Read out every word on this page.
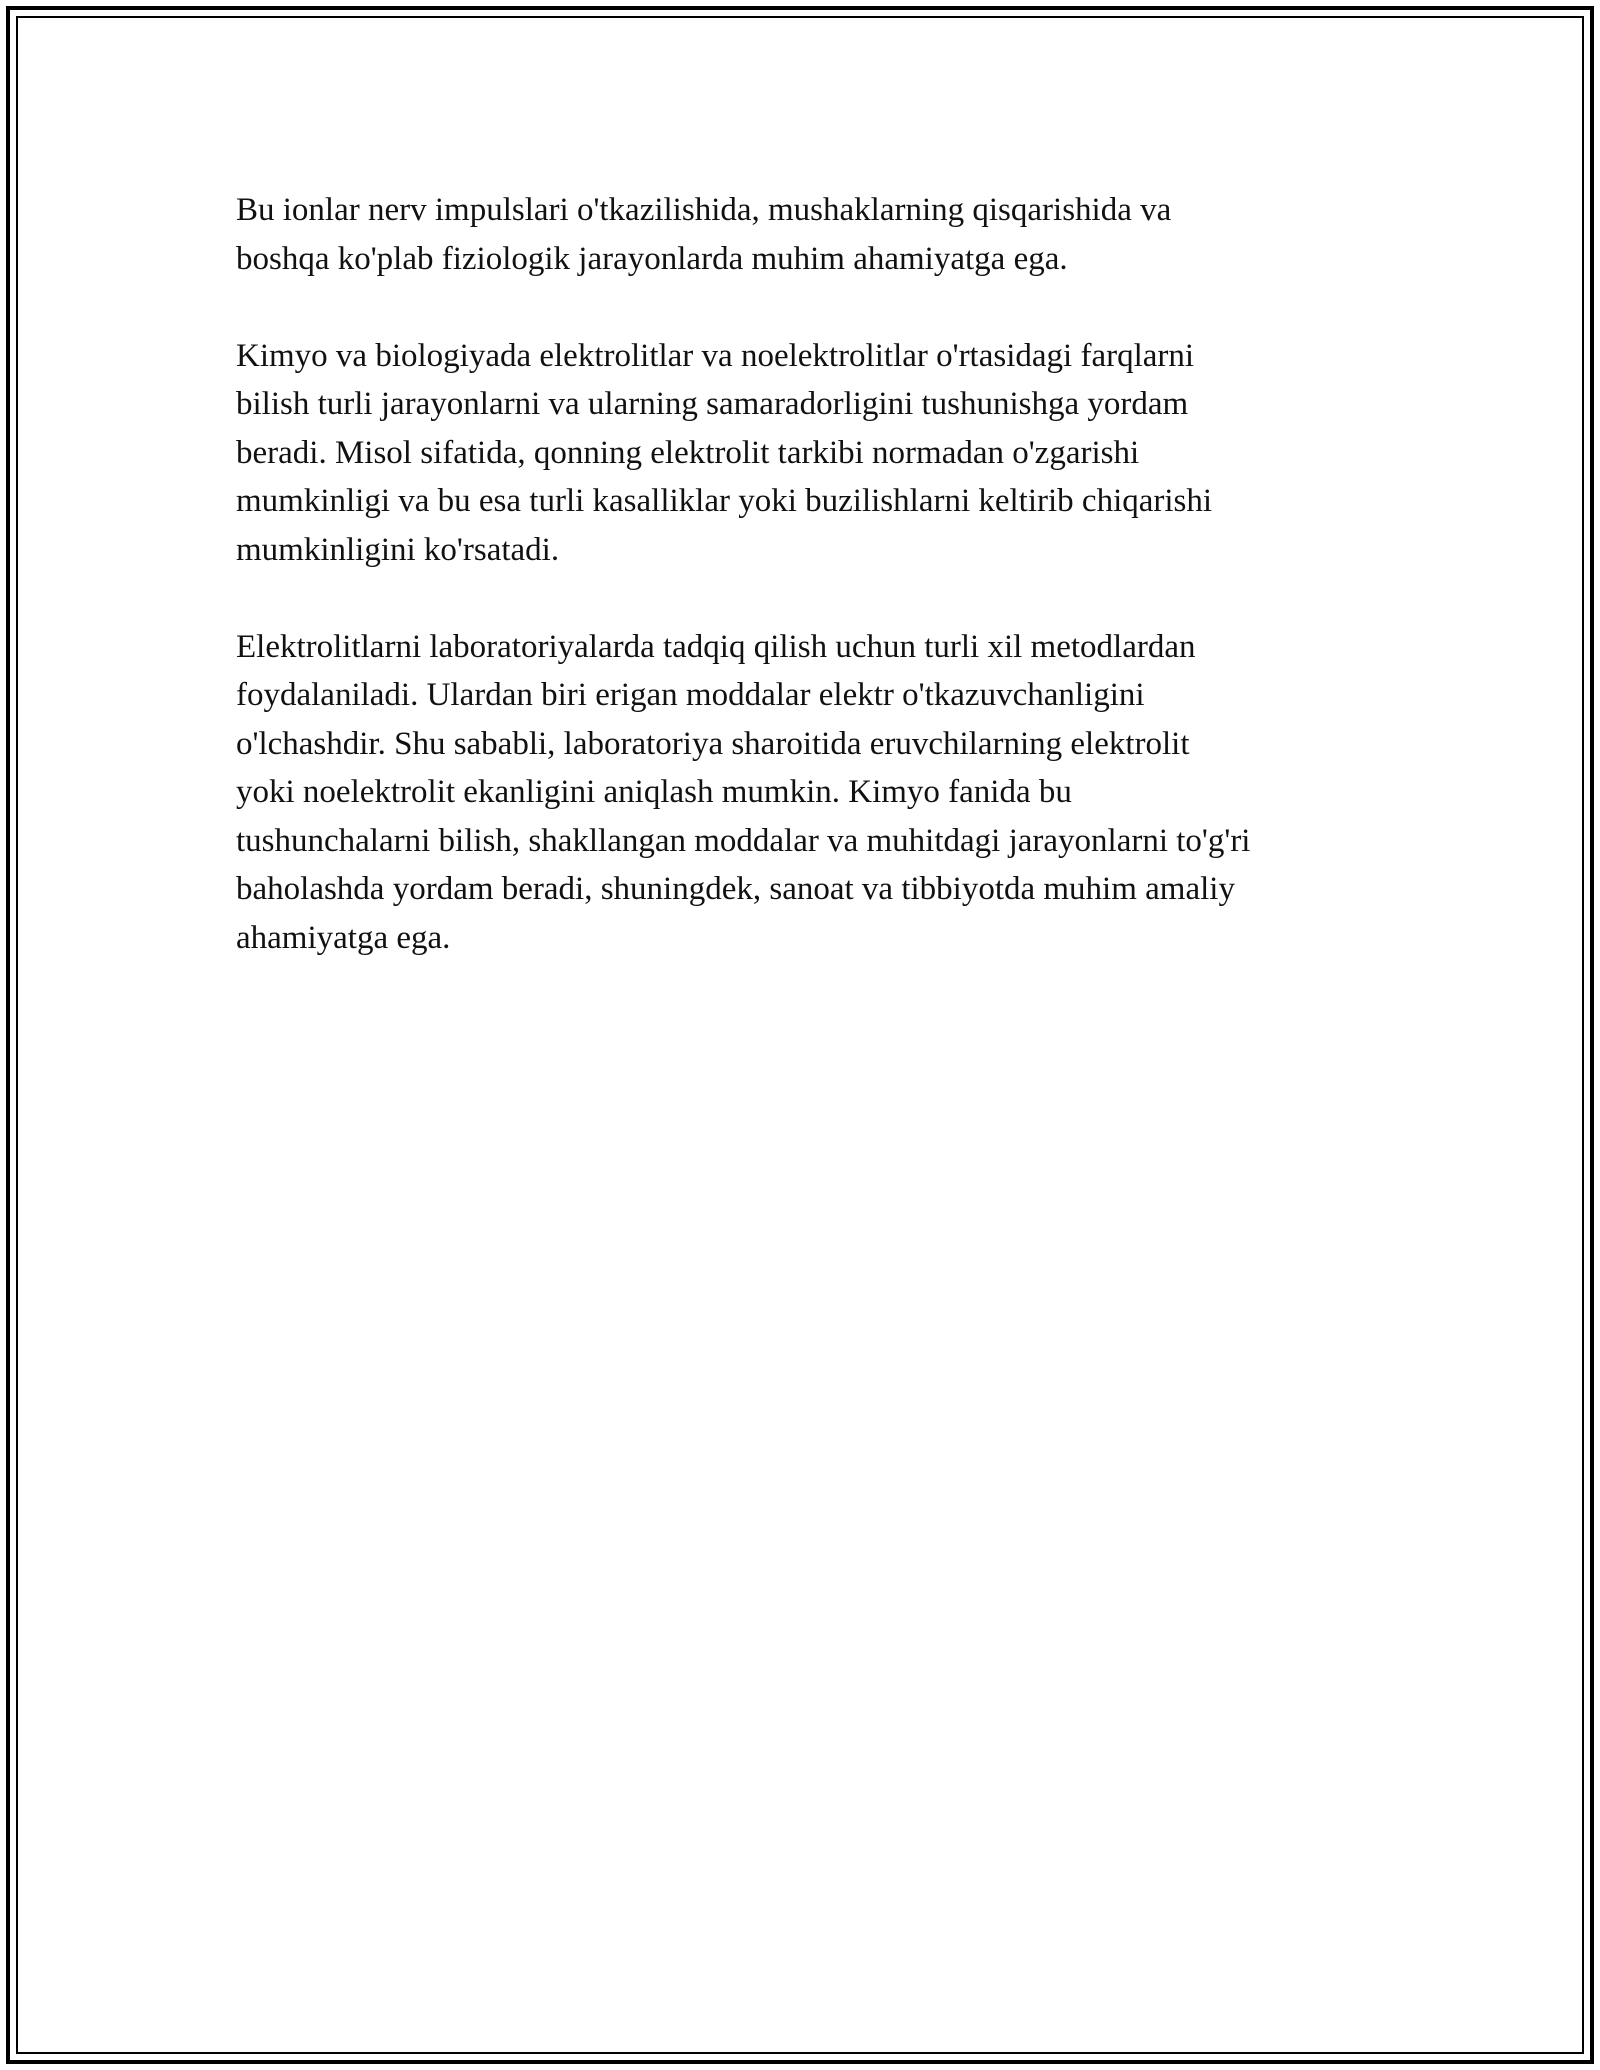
Bu ionlar nerv impulslari o'tkazilishida, mushaklarning qisqarishida va
boshqa ko'plab fiziologik jarayonlarda muhim ahamiyatga ega.

Kimyo va biologiyada elektrolitlar va noelektrolitlar o'rtasidagi farqlarni
bilish turli jarayonlarni va ularning samaradorligini tushunishga yordam
beradi. Misol sifatida, qonning elektrolit tarkibi normadan o'zgarishi
mumkinligi va bu esa turli kasalliklar yoki buzilishlarni keltirib chiqarishi
mumkinligini ko'rsatadi.

Elektrolitlarni laboratoriyalarda tadqiq qilish uchun turli xil metodlardan
foydalaniladi. Ulardan biri erigan moddalar elektr o'tkazuvchanligini
o'lchashdir. Shu sababli, laboratoriya sharoitida eruvchilarning elektrolit
yoki noelektrolit ekanligini aniqlash mumkin. Kimyo fanida bu
tushunchalarni bilish, shakllangan moddalar va muhitdagi jarayonlarni to'g'ri
baholashda yordam beradi, shuningdek, sanoat va tibbiyotda muhim amaliy
ahamiyatga ega.
